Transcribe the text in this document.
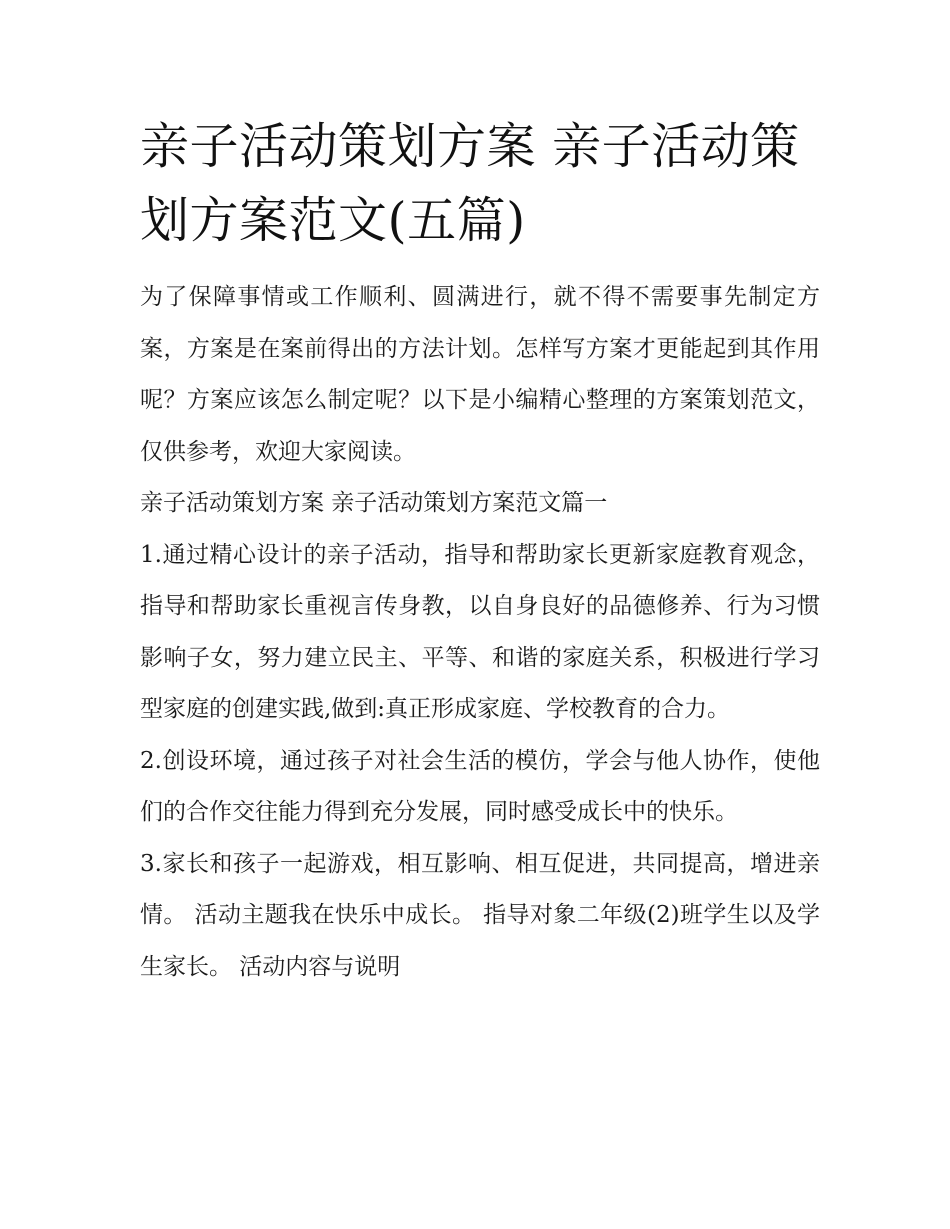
亲子活动策划方案 亲子活动策划方案范文(五篇)

为了保障事情或工作顺利、圆满进行，就不得不需要事先制定方案，方案是在案前得出的方法计划。怎样写方案才更能起到其作用呢？方案应该怎么制定呢？以下是小编精心整理的方案策划范文，仅供参考，欢迎大家阅读。

亲子活动策划方案 亲子活动策划方案范文篇一

1.通过精心设计的亲子活动，指导和帮助家长更新家庭教育观念，指导和帮助家长重视言传身教，以自身良好的品德修养、行为习惯影响子女，努力建立民主、平等、和谐的家庭关系，积极进行学习型家庭的创建实践,做到:真正形成家庭、学校教育的合力。

2.创设环境，通过孩子对社会生活的模仿，学会与他人协作，使他们的合作交往能力得到充分发展，同时感受成长中的快乐。

3.家长和孩子一起游戏，相互影响、相互促进，共同提高，增进亲情。 活动主题我在快乐中成长。 指导对象二年级(2)班学生以及学生家长。 活动内容与说明
